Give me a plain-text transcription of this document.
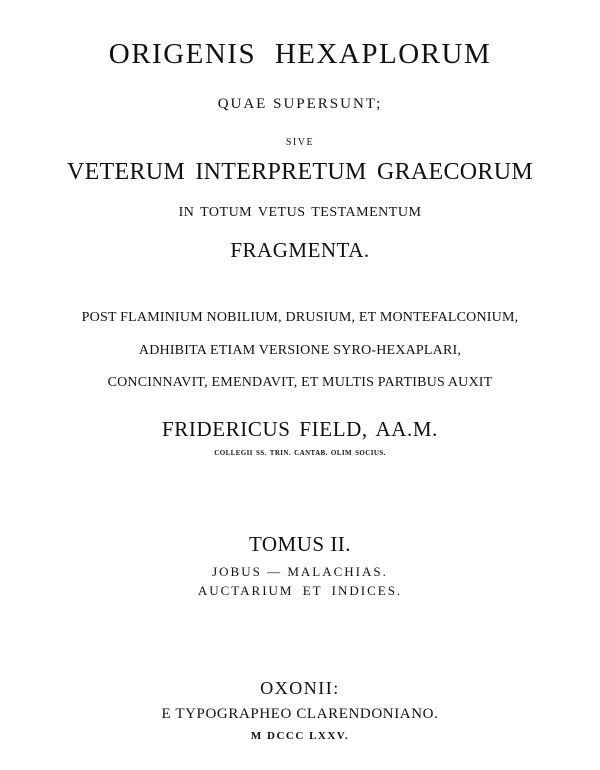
ORIGENIS HEXAPLORUM
QUAE SUPERSUNT;
SIVE
VETERUM INTERPRETUM GRAECORUM
IN TOTUM VETUS TESTAMENTUM
FRAGMENTA.
POST FLAMINIUM NOBILIUM, DRUSIUM, ET MONTEFALCONIUM,
ADHIBITA ETIAM VERSIONE SYRO-HEXAPLARI,
CONCINNAVIT, EMENDAVIT, ET MULTIS PARTIBUS AUXIT
FRIDERICUS FIELD, AA.M.
COLLEGII SS. TRIN. CANTAB. OLIM SOCIUS.
TOMUS II.
JOBUS — MALACHIAS.
AUCTARIUM ET INDICES.
OXONII:
E TYPOGRAPHEO CLARENDONIANO.
M DCCC LXXV.
